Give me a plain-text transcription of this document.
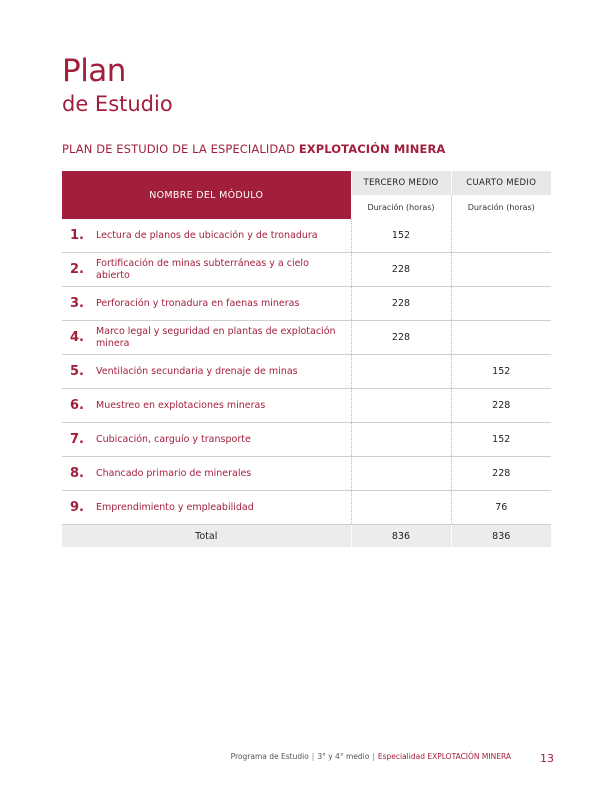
Plan
de Estudio
PLAN DE ESTUDIO DE LA ESPECIALIDAD EXPLOTACIÓN MINERA
NOMBRE DEL MÓDULO	TERCERO MEDIO	CUARTO MEDIO
	Duración (horas)	Duración (horas)

1. Lectura de planos de ubicación y de tronadura	152	

2. Fortificación de minas subterráneas y a cielo abierto	228	

3. Perforación y tronadura en faenas mineras	228	

4. Marco legal y seguridad en plantas de explotación minera	228	

5. Ventilación secundaria y drenaje de minas		152

6. Muestreo en explotaciones mineras		228

7. Cubicación, carguío y transporte		152

8. Chancado primario de minerales		228

9. Emprendimiento y empleabilidad		76
Total	836	836
Programa de Estudio | 3° y 4° medio | Especialidad EXPLOTACIÓN MINERA	13
